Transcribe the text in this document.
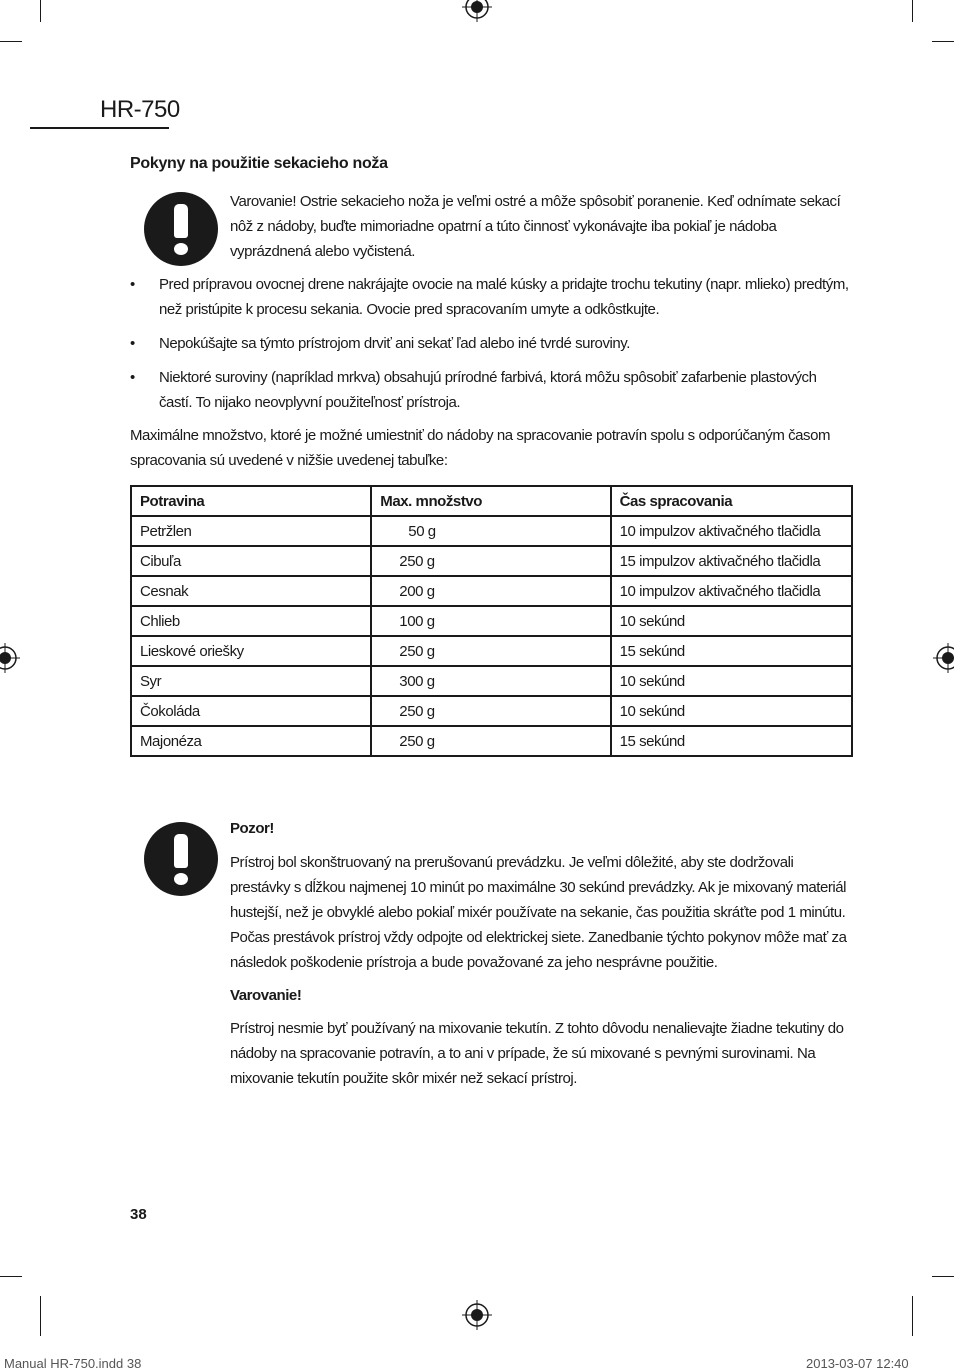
HR-750
Pokyny na použitie sekacieho noža
Varovanie! Ostrie sekacieho noža je veľmi ostré a môže spôsobiť poranenie. Keď odnímate sekací nôž z nádoby, buďte mimoriadne opatrní a túto činnosť vykonávajte iba pokiaľ je nádoba vyprázdnená alebo vyčistená.
• Pred prípravou ovocnej drene nakrájajte ovocie na malé kúsky a pridajte trochu tekutiny (napr. mlieko) predtým, než pristúpite k procesu sekania. Ovocie pred spracovaním umyte a odkôstkujte.
• Nepokúšajte sa týmto prístrojom drviť ani sekať ľad alebo iné tvrdé suroviny.
• Niektoré suroviny (napríklad mrkva) obsahujú prírodné farbivá, ktorá môžu spôsobiť zafarbenie plastových častí. To nijako neovplyvní použiteľnosť prístroja.
Maximálne množstvo, ktoré je možné umiestniť do nádoby na spracovanie potravín spolu s odporúčaným časom spracovania sú uvedené v nižšie uvedenej tabuľke:
Potravina	Max. množstvo	Čas spracovania
Petržlen	50 g	10 impulzov aktivačného tlačidla
Cibuľa	250 g	15 impulzov aktivačného tlačidla
Cesnak	200 g	10 impulzov aktivačného tlačidla
Chlieb	100 g	10 sekúnd
Lieskové oriešky	250 g	15 sekúnd
Syr	300 g	10 sekúnd
Čokoláda	250 g	10 sekúnd
Majonéza	250 g	15 sekúnd
Pozor!
Prístroj bol skonštruovaný na prerušovanú prevádzku. Je veľmi dôležité, aby ste dodržovali prestávky s dĺžkou najmenej 10 minút po maximálne 30 sekúnd prevádzky. Ak je mixovaný materiál hustejší, než je obvyklé alebo pokiaľ mixér používate na sekanie, čas použitia skráťte pod 1 minútu. Počas prestávok prístroj vždy odpojte od elektrickej siete. Zanedbanie týchto pokynov môže mať za následok poškodenie prístroja a bude považované za jeho nesprávne použitie.
Varovanie!
Prístroj nesmie byť používaný na mixovanie tekutín. Z tohto dôvodu nenalievajte žiadne tekutiny do nádoby na spracovanie potravín, a to ani v prípade, že sú mixované s pevnými surovinami. Na mixovanie tekutín použite skôr mixér než sekací prístroj.
38
Manual HR-750.indd 38	2013-03-07 12:40
